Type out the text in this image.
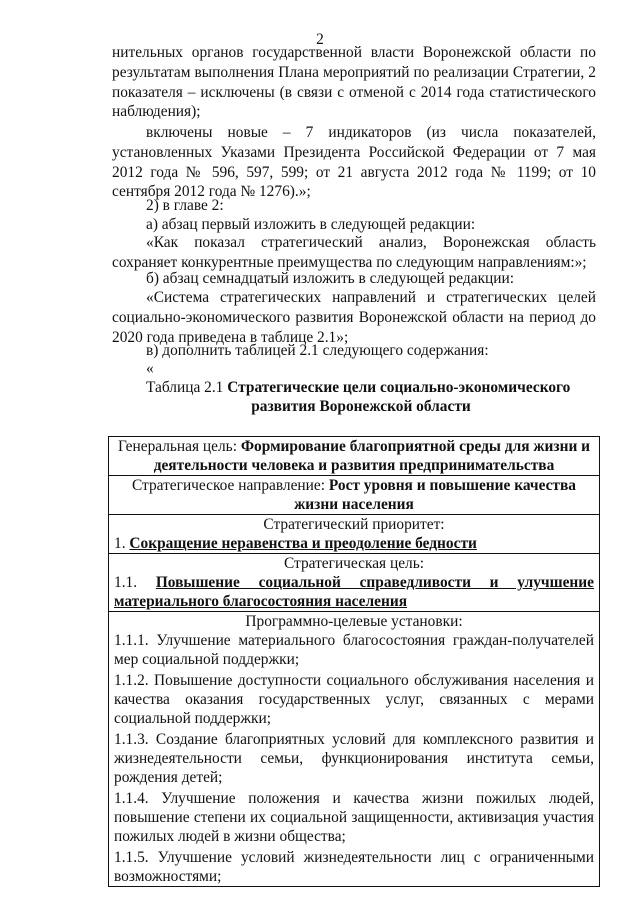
2
нительных органов государственной власти Воронежской области по результатам выполнения Плана мероприятий по реализации Стратегии, 2 показателя – исключены (в связи с отменой с 2014 года статистического наблюдения);
включены новые – 7 индикаторов (из числа показателей, установленных Указами Президента Российской Федерации от 7 мая 2012 года № 596, 597, 599; от 21 августа 2012 года № 1199; от 10 сентября 2012 года № 1276).»;
2) в главе 2:
а) абзац первый изложить в следующей редакции:
«Как показал стратегический анализ, Воронежская область сохраняет конкурентные преимущества по следующим направлениям:»;
б) абзац семнадцатый изложить в следующей редакции:
«Система стратегических направлений и стратегических целей социально-экономического развития Воронежской области на период до 2020 года приведена в таблице 2.1»;
в) дополнить таблицей 2.1 следующего содержания:
«
Таблица 2.1 Стратегические цели социально-экономического
развития Воронежской области
Генеральная цель: Формирование благоприятной среды для жизни и деятельности человека и развития предпринимательства
Стратегическое направление: Рост уровня и повышение качества жизни населения
Стратегический приоритет:
1. Сокращение неравенства и преодоление бедности
Стратегическая цель:
1.1. Повышение социальной справедливости и улучшение материального благосостояния населения
Программно-целевые установки:
1.1.1. Улучшение материального благосостояния граждан-получателей мер социальной поддержки;
1.1.2. Повышение доступности социального обслуживания населения и качества оказания государственных услуг, связанных с мерами социальной поддержки;
1.1.3. Создание благоприятных условий для комплексного развития и жизнедеятельности семьи, функционирования института семьи, рождения детей;
1.1.4. Улучшение положения и качества жизни пожилых людей, повышение степени их социальной защищенности, активизация участия пожилых людей в жизни общества;
1.1.5. Улучшение условий жизнедеятельности лиц с ограниченными возможностями;
